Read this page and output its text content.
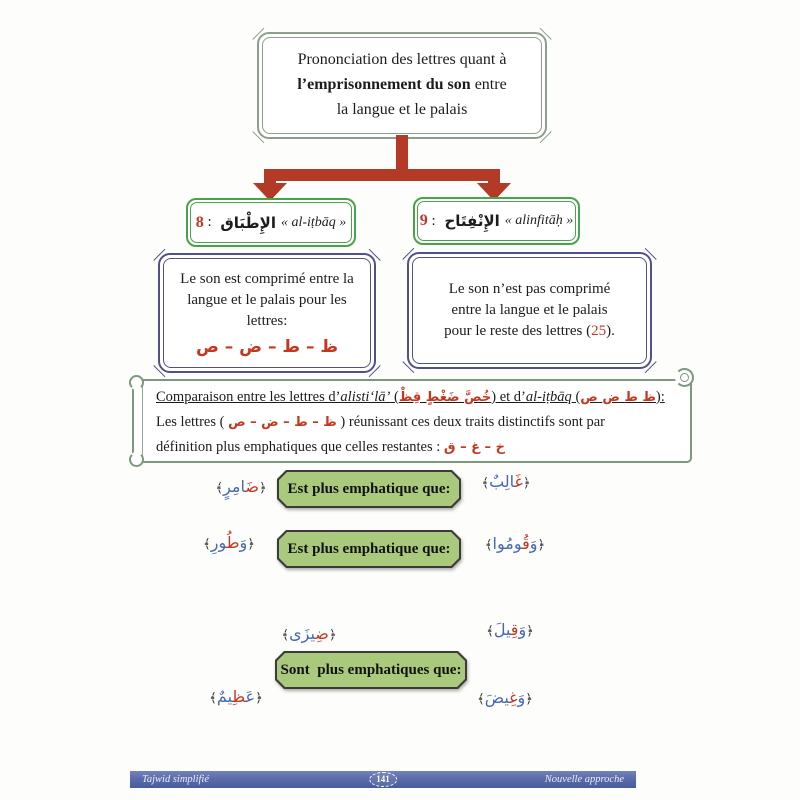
Prononciation des lettres quant à
l’emprisonnement du son entre
la langue et le palais
8 : الإِطْبَاق « al-iṭbāq »	9 : الإِنْفِتَاح « alinfitāḥ »
Le son est comprimé entre la
langue et le palais pour les
lettres:
ص‎ – ‎ض‎ – ‎ط‎ – ‎ظ
Le son n’est pas comprimé
entre la langue et le palais
pour le reste des lettres (25).
Comparaison entre les lettres d’alisti‘lā’ (خُصَّ ضَغْطٍ قِظْ) et d’al-iṭbāq (ص‎ ‎ض‎ ‎ط‎ ‎ظ):
Les lettres ( ص‎ – ‎ض‎ – ‎ط‎ – ‎ظ ) réunissant ces deux traits distinctifs sont par
définition plus emphatiques que celles restantes : ق‎ – ‎غ‎ – ‎خ
﴿ضَ‍‍امِرٍ﴾	Est plus emphatique que:	﴿غَ‍‍الِبٌ﴾
﴿وَطُ‍‍ورِ﴾	Est plus emphatique que:	﴿وَقُ‍‍ومُوا﴾
﴿ضِ‍‍يزَى﴾	﴿وَقِ‍‍يلَ﴾
Sont  plus emphatiques que:
﴿عَ‍‍ظِ‍‍يمٌ﴾	﴿وَغِ‍‍يضَ﴾
Tajwid simplifié	141	Nouvelle approche
